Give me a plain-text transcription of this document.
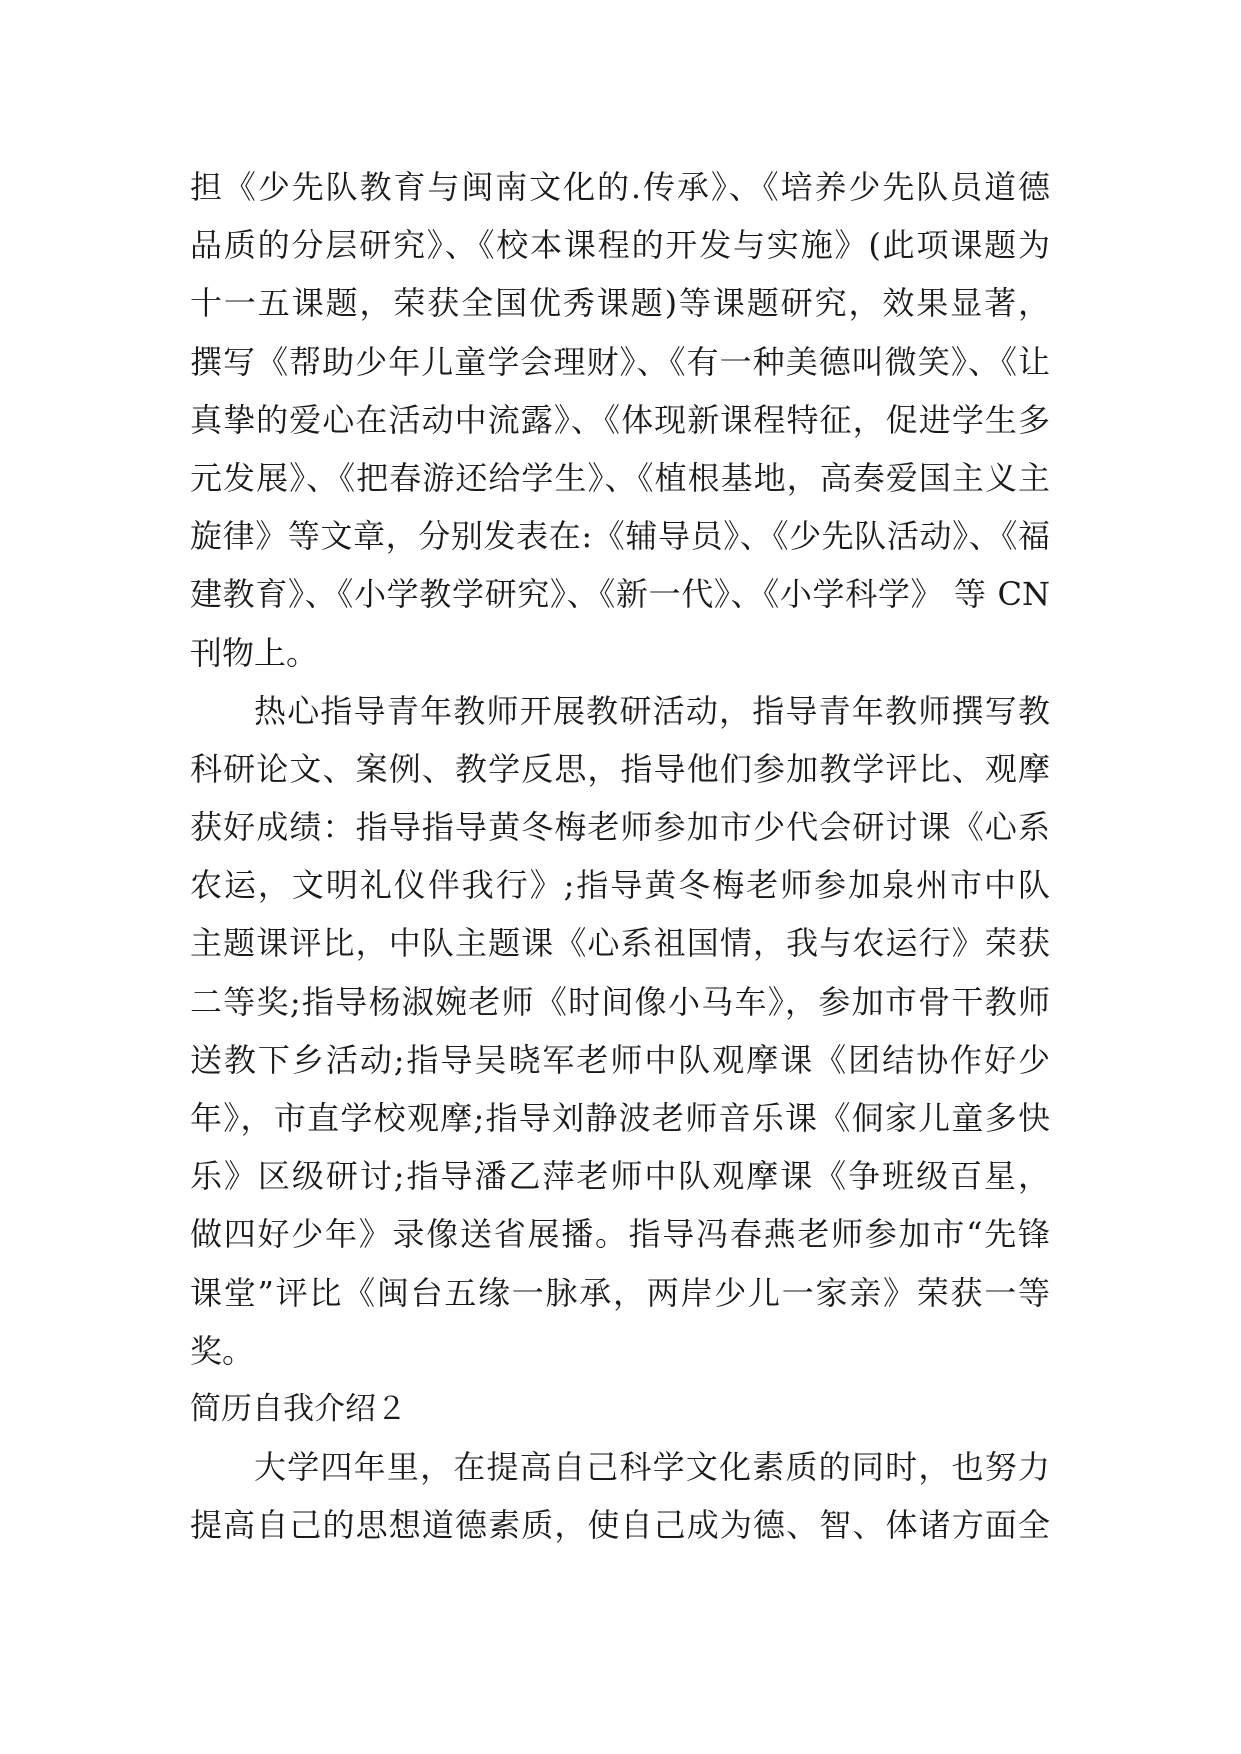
担《少先队教育与闽南文化的.传承》、《培养少先队员道德
品质的分层研究》、《校本课程的开发与实施》(此项课题为
十一五课题，荣获全国优秀课题)等课题研究，效果显著，
撰写《帮助少年儿童学会理财》、《有一种美德叫微笑》、《让
真挚的爱心在活动中流露》、《体现新课程特征，促进学生多
元发展》、《把春游还给学生》、《植根基地，高奏爱国主义主
旋律》等文章，分别发表在:《辅导员》、《少先队活动》、《福
建教育》、《小学教学研究》、《新一代》、《小学科学》 等 CN
刊物上。
热心指导青年教师开展教研活动，指导青年教师撰写教
科研论文、案例、教学反思，指导他们参加教学评比、观摩
获好成绩：指导指导黄冬梅老师参加市少代会研讨课《心系
农运，文明礼仪伴我行》;指导黄冬梅老师参加泉州市中队
主题课评比，中队主题课《心系祖国情，我与农运行》荣获
二等奖;指导杨淑婉老师《时间像小马车》，参加市骨干教师
送教下乡活动;指导吴晓军老师中队观摩课《团结协作好少
年》，市直学校观摩;指导刘静波老师音乐课《侗家儿童多快
乐》区级研讨;指导潘乙萍老师中队观摩课《争班级百星，
做四好少年》录像送省展播。指导冯春燕老师参加市“先锋
课堂”评比《闽台五缘一脉承，两岸少儿一家亲》荣获一等
奖。
简历自我介绍２
大学四年里，在提高自己科学文化素质的同时，也努力
提高自己的思想道德素质，使自己成为德、智、体诸方面全
